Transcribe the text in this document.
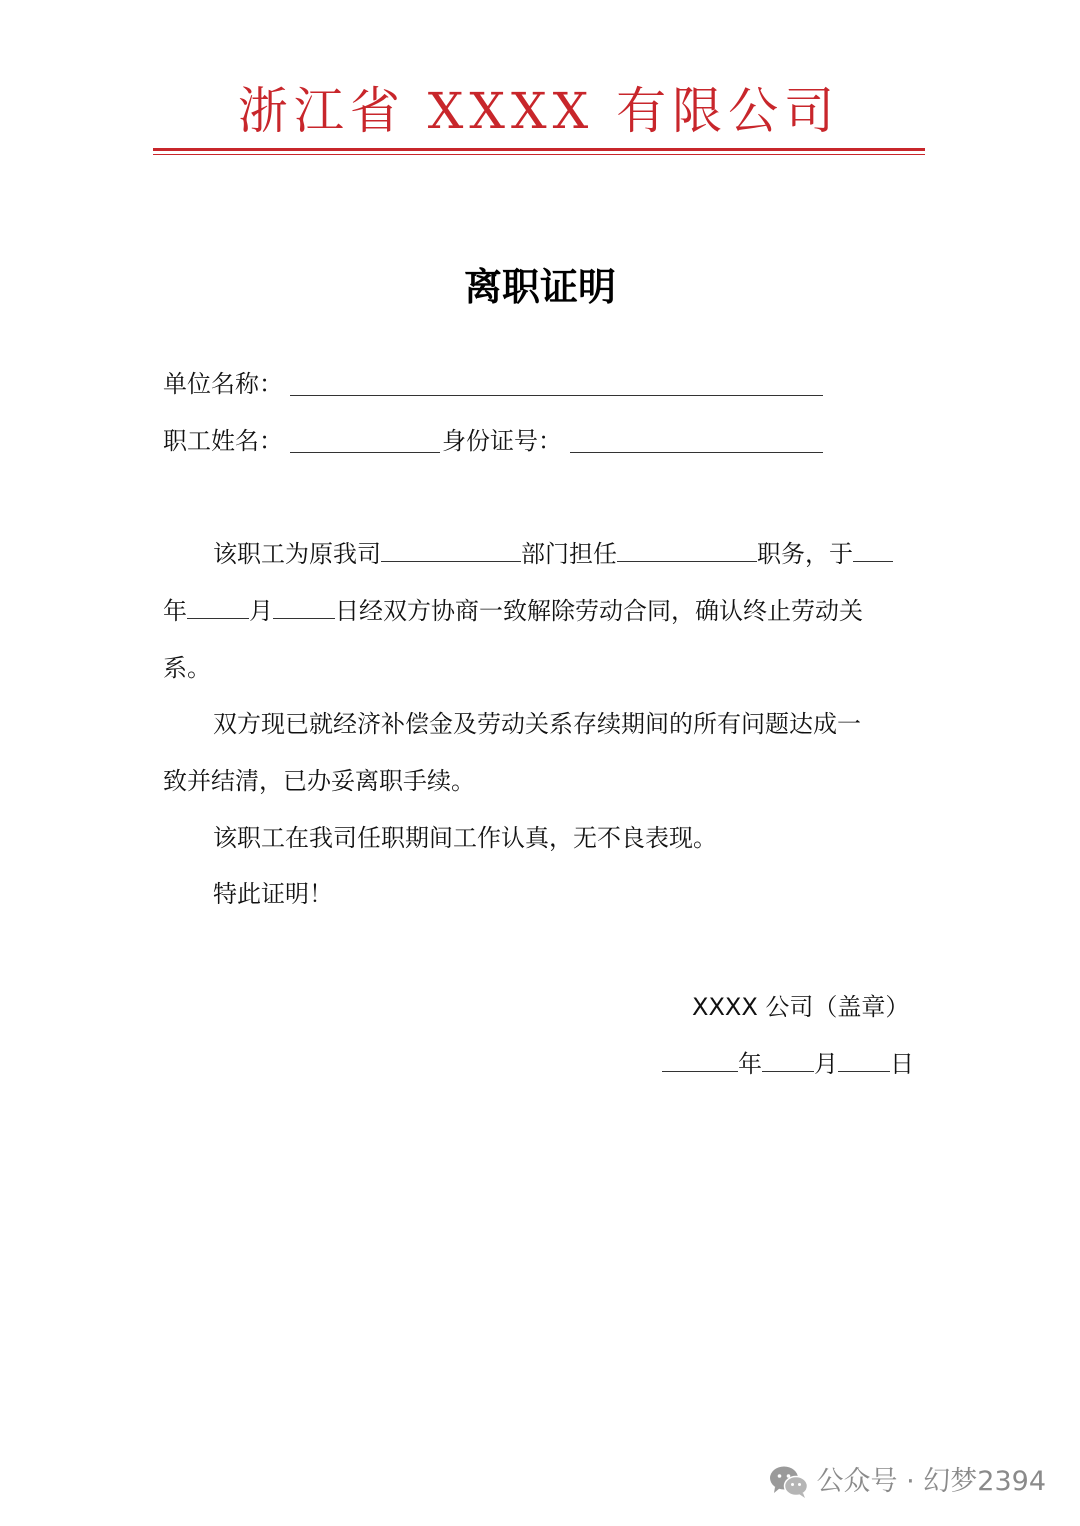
浙江省 XXXX 有限公司
离职证明
单位名称：
职工姓名：	身份证号：
该职工为原我司	部门担任	职务，于
年	月	日经双方协商一致解除劳动合同，确认终止劳动关
系。
双方现已就经济补偿金及劳动关系存续期间的所有问题达成一
致并结清，已办妥离职手续。
该职工在我司任职期间工作认真，无不良表现。
特此证明！
XXXX 公司（盖章）
年 月 日
公众号 · 幻梦2394
